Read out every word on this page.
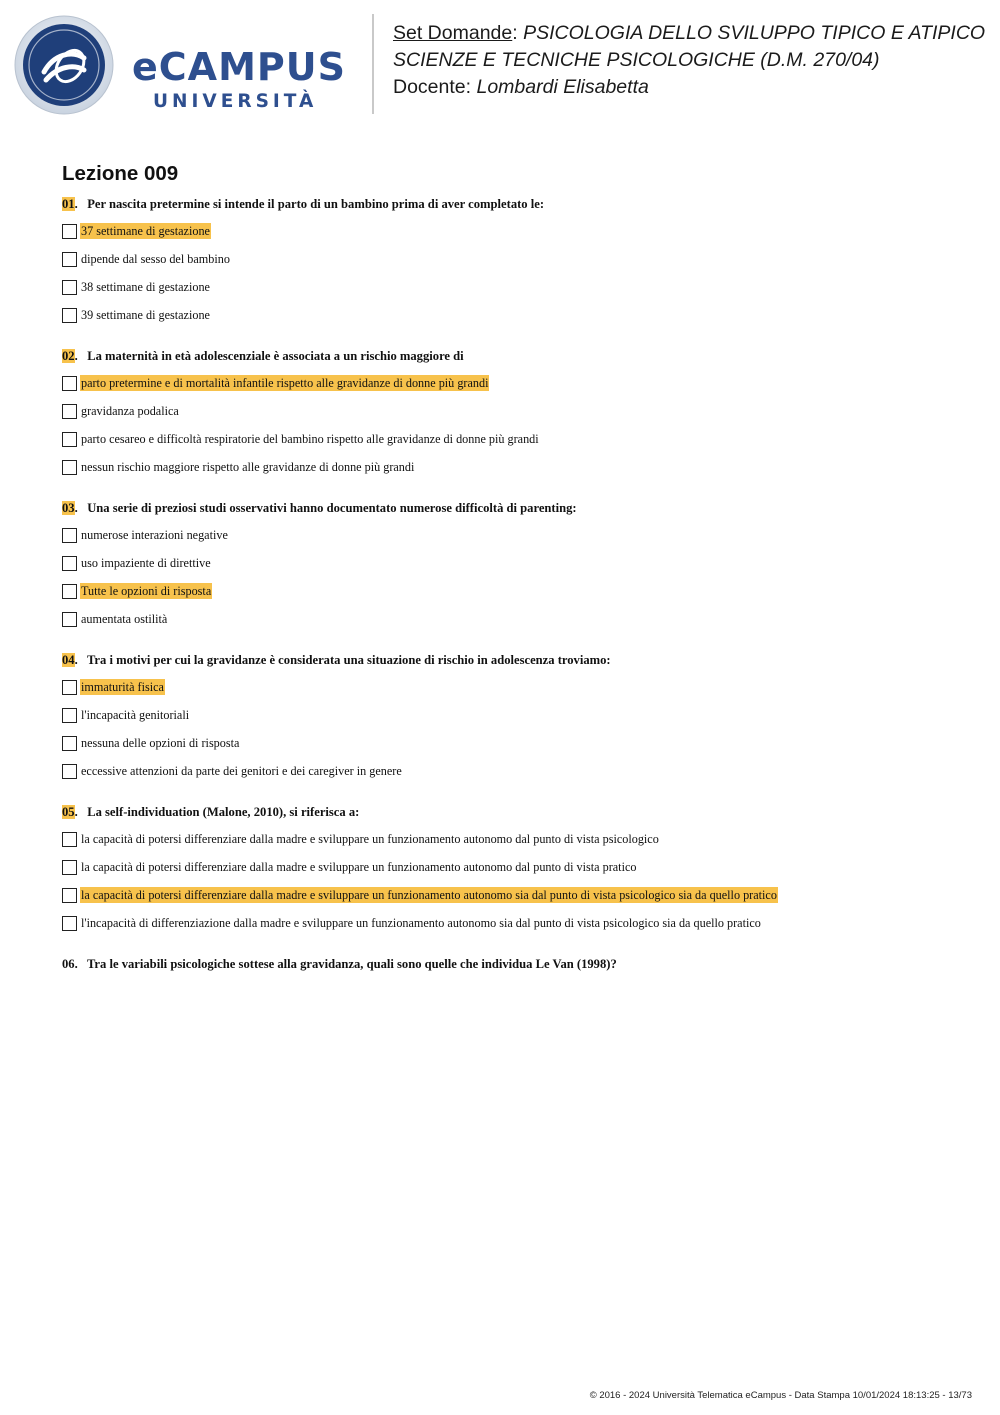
eCAMPUS
UNIVERSITÀ
Set Domande: PSICOLOGIA DELLO SVILUPPO TIPICO E ATIPICO
SCIENZE E TECNICHE PSICOLOGICHE (D.M. 270/04)
Docente: Lombardi Elisabetta
Lezione 009
01.   Per nascita pretermine si intende il parto di un bambino prima di aver completato le:
37 settimane di gestazione
dipende dal sesso del bambino
38 settimane di gestazione
39 settimane di gestazione
02.   La maternità in età adolescenziale è associata a un rischio maggiore di
parto pretermine e di mortalità infantile rispetto alle gravidanze di donne più grandi
gravidanza podalica
parto cesareo e difficoltà respiratorie del bambino rispetto alle gravidanze di donne più grandi
nessun rischio maggiore rispetto alle gravidanze di donne più grandi
03.   Una serie di preziosi studi osservativi hanno documentato numerose difficoltà di parenting:
numerose interazioni negative
uso impaziente di direttive
Tutte le opzioni di risposta
aumentata ostilità
04.   Tra i motivi per cui la gravidanze è considerata una situazione di rischio in adolescenza troviamo:
immaturità fisica
l'incapacità genitoriali
nessuna delle opzioni di risposta
eccessive attenzioni da parte dei genitori e dei caregiver in genere
05.   La self-individuation (Malone, 2010), si riferisca a:
la capacità di potersi differenziare dalla madre e sviluppare un funzionamento autonomo dal punto di vista psicologico
la capacità di potersi differenziare dalla madre e sviluppare un funzionamento autonomo dal punto di vista pratico
la capacità di potersi differenziare dalla madre e sviluppare un funzionamento autonomo sia dal punto di vista psicologico sia da quello pratico
l'incapacità di differenziazione dalla madre e sviluppare un funzionamento autonomo sia dal punto di vista psicologico sia da quello pratico
06.   Tra le variabili psicologiche sottese alla gravidanza, quali sono quelle che individua Le Van (1998)?
© 2016 - 2024 Università Telematica eCampus - Data Stampa 10/01/2024 18:13:25 - 13/73
